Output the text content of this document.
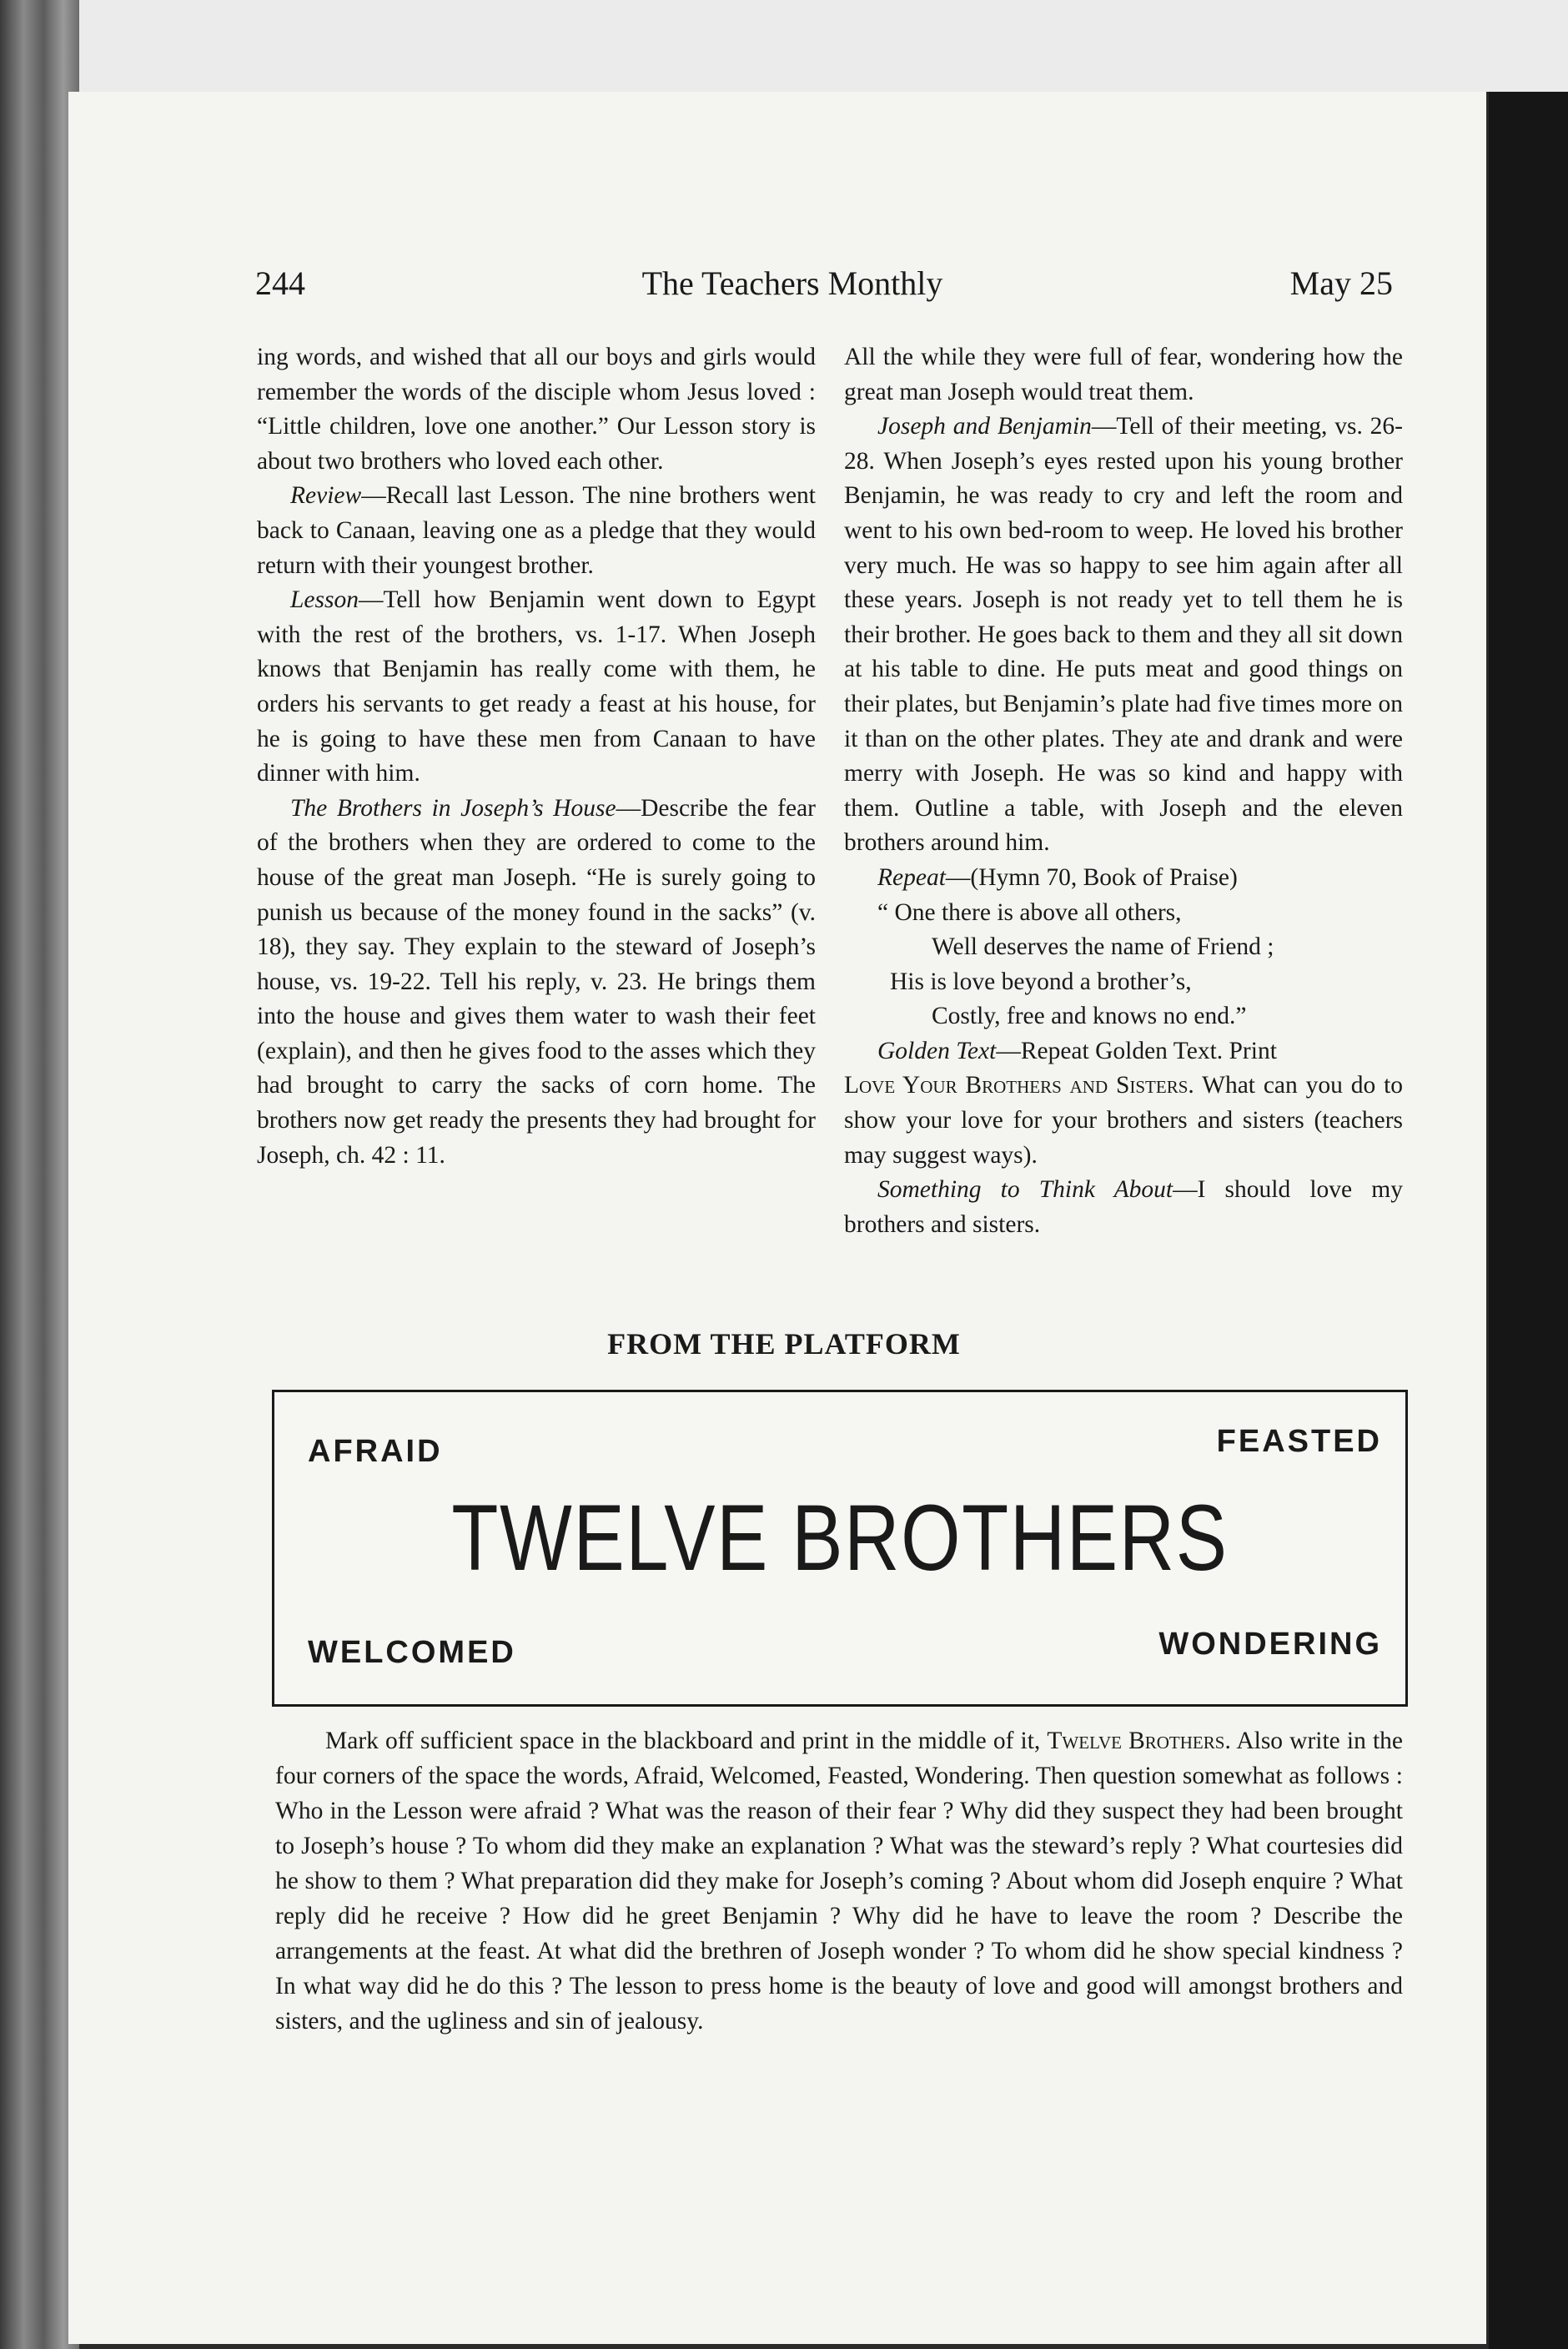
244	The Teachers Monthly	May 25

ing words, and wished that all our boys and girls would remember the words of the disciple whom Jesus loved : “Little children, love one another.” Our Lesson story is about two brothers who loved each other.

Review—Recall last Lesson. The nine brothers went back to Canaan, leaving one as a pledge that they would return with their youngest brother.

Lesson—Tell how Benjamin went down to Egypt with the rest of the brothers, vs. 1-17. When Joseph knows that Benjamin has really come with them, he orders his servants to get ready a feast at his house, for he is going to have these men from Canaan to have dinner with him.

The Brothers in Joseph’s House—Describe the fear of the brothers when they are ordered to come to the house of the great man Joseph. “He is surely going to punish us because of the money found in the sacks” (v. 18), they say. They explain to the steward of Joseph’s house, vs. 19-22. Tell his reply, v. 23. He brings them into the house and gives them water to wash their feet (explain), and then he gives food to the asses which they had brought to carry the sacks of corn home. The brothers now get ready the presents they had brought for Joseph, ch. 42 : 11.

All the while they were full of fear, wondering how the great man Joseph would treat them.

Joseph and Benjamin—Tell of their meeting, vs. 26-28. When Joseph’s eyes rested upon his young brother Benjamin, he was ready to cry and left the room and went to his own bed-room to weep. He loved his brother very much. He was so happy to see him again after all these years. Joseph is not ready yet to tell them he is their brother. He goes back to them and they all sit down at his table to dine. He puts meat and good things on their plates, but Benjamin’s plate had five times more on it than on the other plates. They ate and drank and were merry with Joseph. He was so kind and happy with them. Outline a table, with Joseph and the eleven brothers around him.

Repeat—(Hymn 70, Book of Praise)

“ One there is above all others,
Well deserves the name of Friend ;
His is love beyond a brother’s,
Costly, free and knows no end.”

Golden Text—Repeat Golden Text. Print
Love Your Brothers and Sisters. What can you do to show your love for your brothers and sisters (teachers may suggest ways).

Something to Think About—I should love my brothers and sisters.

FROM THE PLATFORM
AFRAID	FEASTED
TWELVE BROTHERS
WELCOMED	WONDERING

Mark off sufficient space in the blackboard and print in the middle of it, Twelve Brothers. Also write in the four corners of the space the words, Afraid, Welcomed, Feasted, Wondering. Then question somewhat as follows : Who in the Lesson were afraid ? What was the reason of their fear ? Why did they suspect they had been brought to Joseph’s house ? To whom did they make an explanation ? What was the steward’s reply ? What courtesies did he show to them ? What preparation did they make for Joseph’s coming ? About whom did Joseph enquire ? What reply did he receive ? How did he greet Benjamin ? Why did he have to leave the room ? Describe the arrangements at the feast. At what did the brethren of Joseph wonder ? To whom did he show special kindness ? In what way did he do this ? The lesson to press home is the beauty of love and good will amongst brothers and sisters, and the ugliness and sin of jealousy.
